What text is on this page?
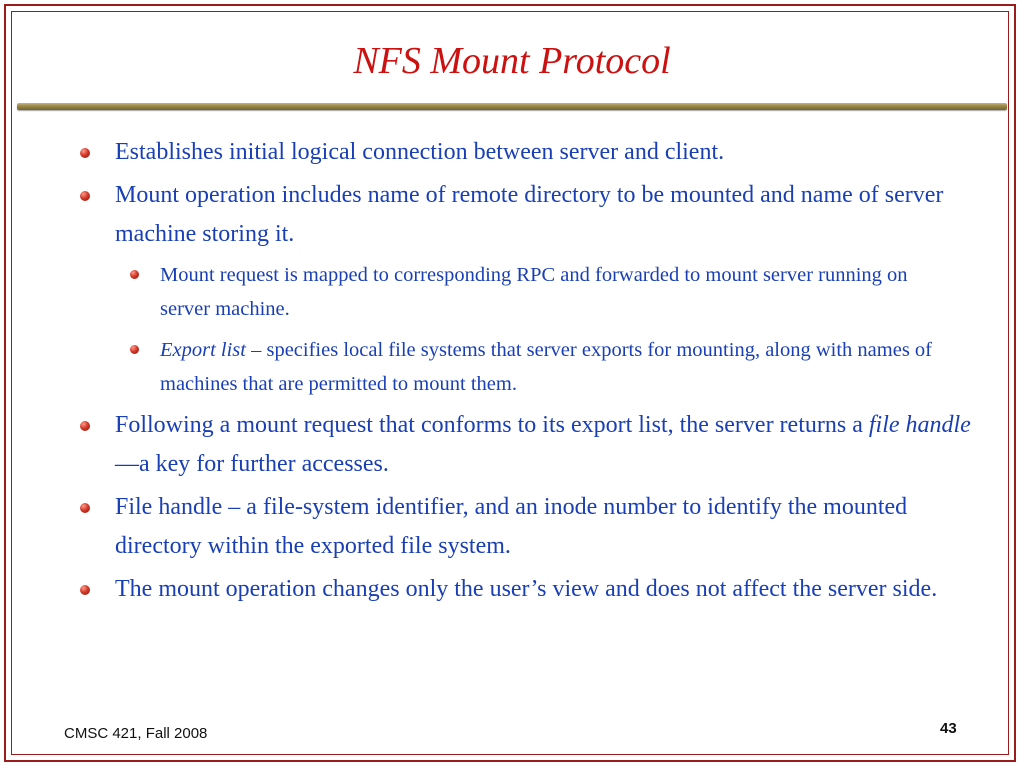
NFS Mount Protocol
Establishes initial logical connection between server and client.
Mount operation includes name of remote directory to be mounted and name of server machine storing it.
Mount request is mapped to corresponding RPC and forwarded to mount server running on server machine.
Export list – specifies local file systems that server exports for mounting, along with names of machines that are permitted to mount them.
Following a mount request that conforms to its export list, the server returns a file handle—a key for further accesses.
File handle – a file-system identifier, and an inode number to identify the mounted directory within the exported file system.
The mount operation changes only the user’s view and does not affect the server side.
CMSC 421, Fall 2008	43
